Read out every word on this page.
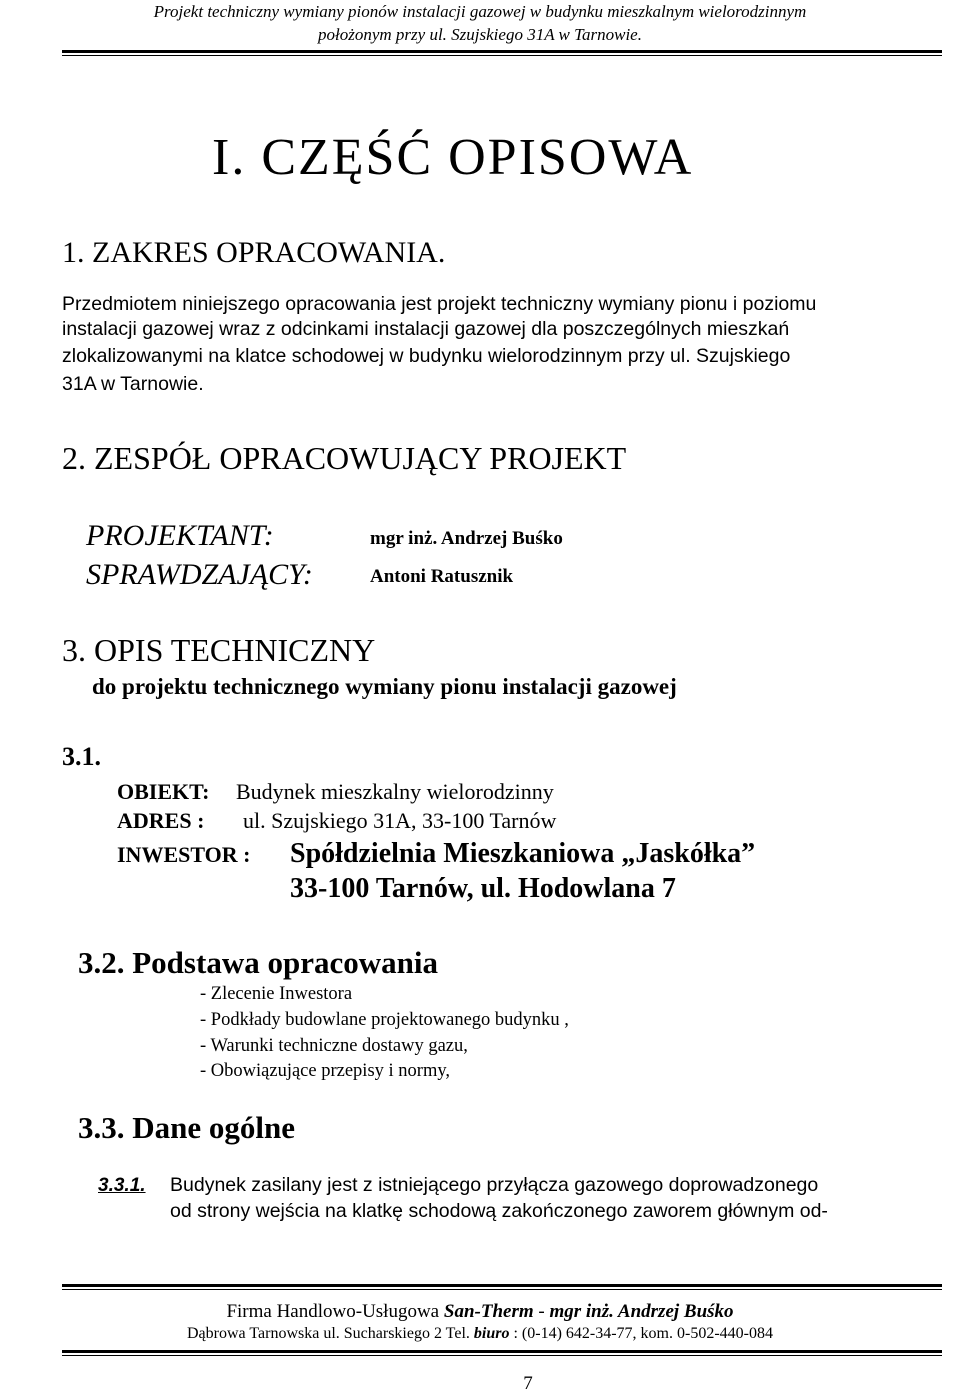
Projekt techniczny wymiany pionów instalacji gazowej w budynku mieszkalnym wielorodzinnym
położonym przy ul. Szujskiego 31A w Tarnowie.
I. CZĘŚĆ OPISOWA
1. ZAKRES OPRACOWANIA.
Przedmiotem niniejszego opracowania jest projekt techniczny wymiany pionu i poziomu
instalacji gazowej wraz z odcinkami instalacji gazowej dla poszczególnych mieszkań
zlokalizowanymi na klatce schodowej w budynku wielorodzinnym przy ul. Szujskiego
31A w Tarnowie.
2. ZESPÓŁ OPRACOWUJĄCY PROJEKT
PROJEKTANT:	mgr inż. Andrzej Buśko
SPRAWDZAJĄCY:	Antoni Ratusznik
3. OPIS TECHNICZNY
do projektu technicznego wymiany pionu instalacji gazowej
3.1.
OBIEKT: Budynek mieszkalny wielorodzinny
ADRES : ul. Szujskiego 31A, 33-100 Tarnów
INWESTOR : Spółdzielnia Mieszkaniowa „Jaskółka”
33-100 Tarnów, ul. Hodowlana 7
3.2. Podstawa opracowania
- Zlecenie Inwestora
- Podkłady budowlane projektowanego budynku ,
- Warunki techniczne dostawy gazu,
- Obowiązujące przepisy i normy,
3.3. Dane ogólne
3.3.1. Budynek zasilany jest z istniejącego przyłącza gazowego doprowadzonego
od strony wejścia na klatkę schodową zakończonego zaworem głównym od-
Firma Handlowo-Usługowa San-Therm - mgr inż. Andrzej Buśko
Dąbrowa Tarnowska ul. Sucharskiego 2 Tel. biuro : (0-14) 642-34-77, kom. 0-502-440-084
7
